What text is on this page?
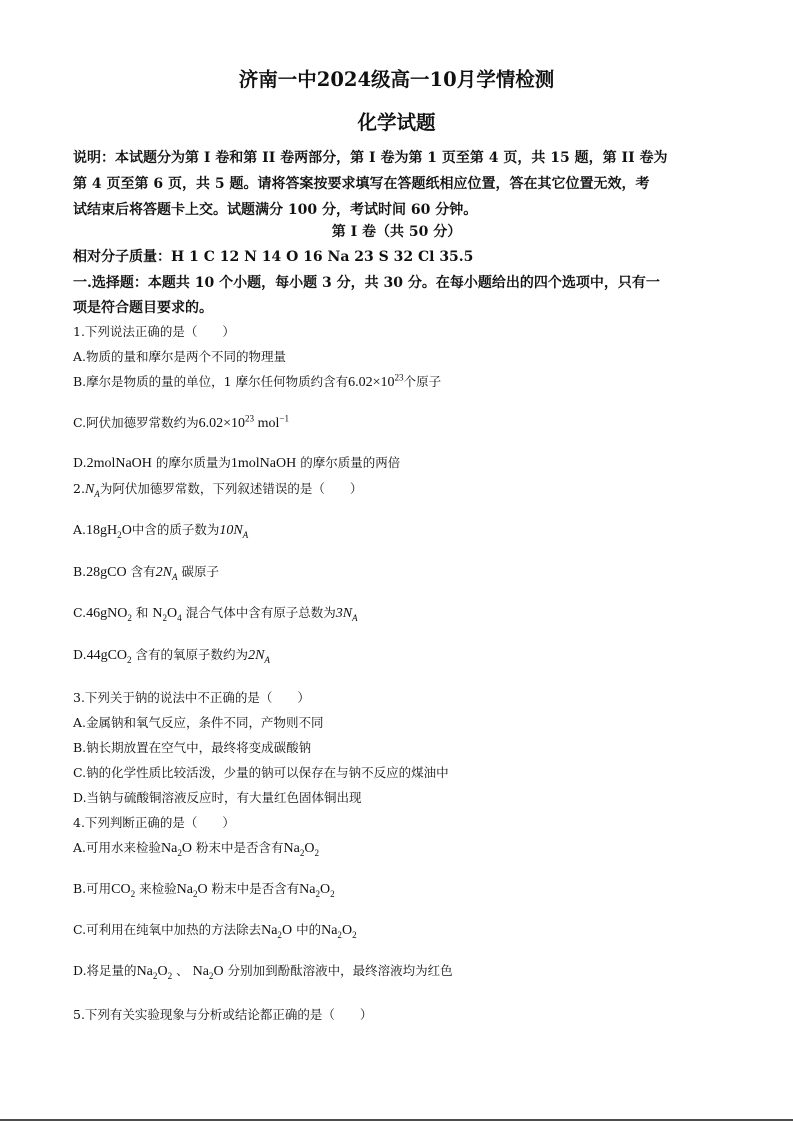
济南一中2024级高一10月学情检测
化学试题
说明：本试题分为第 I 卷和第 II 卷两部分，第 I 卷为第 1 页至第 4 页，共 15 题，第 II 卷为
第 4 页至第 6 页，共 5 题。请将答案按要求填写在答题纸相应位置，答在其它位置无效，考
试结束后将答题卡上交。试题满分 100 分，考试时间 60 分钟。
第 I 卷（共 50 分）
相对分子质量：H 1 C 12 N 14 O 16 Na 23 S 32 Cl 35.5
一.选择题：本题共 10 个小题，每小题 3 分，共 30 分。在每小题给出的四个选项中，只有一
项是符合题目要求的。
1.下列说法正确的是（　　）
A.物质的量和摩尔是两个不同的物理量
B.摩尔是物质的量的单位，1 摩尔任何物质约含有$6.02\times 10^{23}$个原子
C.阿伏加德罗常数约为$6.02\times 10^{23}$ mol$^{-1}$
D.2molNaOH 的摩尔质量为1molNaOH 的摩尔质量的两倍
$2.N_A$为阿伏加德罗常数，下列叙述错误的是（　　）
$A.18gH_2O$中含的质子数为$10N_A$
B.28gCO 含有$2N_A$ 碳原子
C.46gNO$_2$ 和 $N_2O_4$ 混合气体中含有原子总数为$3N_A$
D.44gCO$_2$ 含有的氧原子数约为$2N_A$
3.下列关于钠的说法中不正确的是（　　）
A.金属钠和氧气反应，条件不同，产物则不同
B.钠长期放置在空气中，最终将变成碳酸钠
C.钠的化学性质比较活泼，少量的钠可以保存在与钠不反应的煤油中
D.当钠与硫酸铜溶液反应时，有大量红色固体铜出现
4.下列判断正确的是（　　）
A.可用水来检验$Na_2O$ 粉末中是否含有$Na_2O_2$
B.可用$CO_2$ 来检验$Na_2O$ 粉末中是否含有$Na_2O_2$
C.可利用在纯氧中加热的方法除去$Na_2O$ 中的$Na_2O_2$
D.将足量的$Na_2O_2$ 、 $Na_2O$ 分别加到酚酞溶液中，最终溶液均为红色
5.下列有关实验现象与分析或结论都正确的是（　　）
